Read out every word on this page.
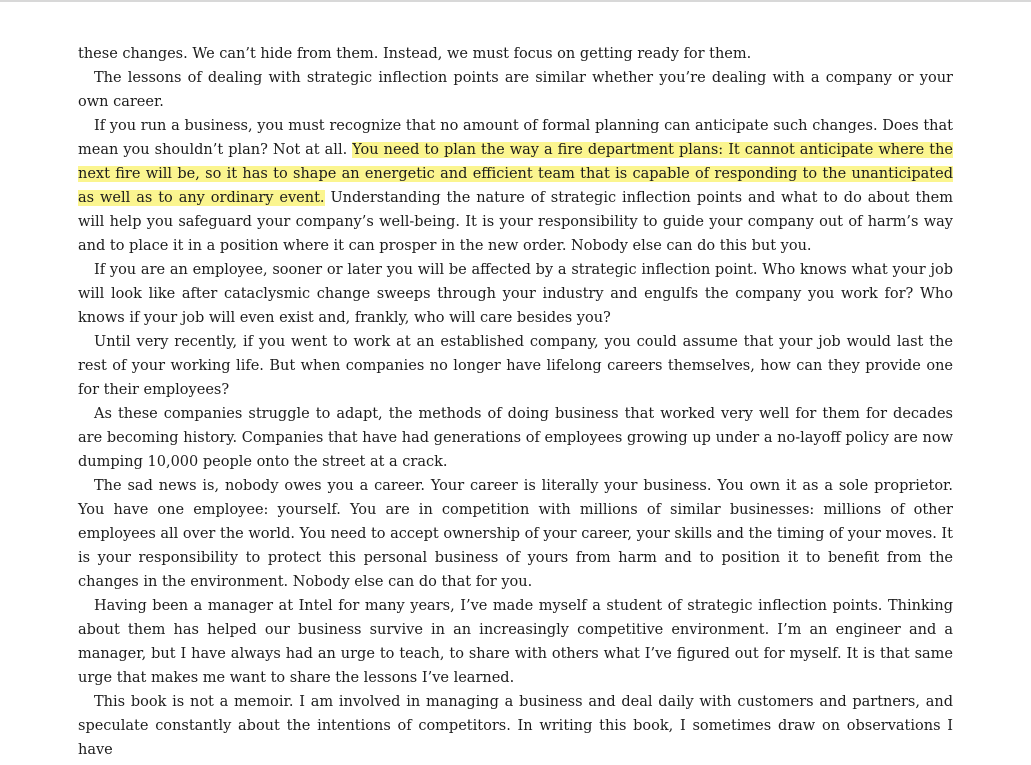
these changes. We can’t hide from them. Instead, we must focus on getting ready for them.

The lessons of dealing with strategic inflection points are similar whether you’re dealing with a company or your own career.

If you run a business, you must recognize that no amount of formal planning can anticipate such changes. Does that mean you shouldn’t plan? Not at all. You need to plan the way a fire department plans: It cannot anticipate where the next fire will be, so it has to shape an energetic and efficient team that is capable of responding to the unanticipated as well as to any ordinary event. Understanding the nature of strategic inflection points and what to do about them will help you safeguard your company’s well-being. It is your responsibility to guide your company out of harm’s way and to place it in a position where it can prosper in the new order. Nobody else can do this but you.

If you are an employee, sooner or later you will be affected by a strategic inflection point. Who knows what your job will look like after cataclysmic change sweeps through your industry and engulfs the company you work for? Who knows if your job will even exist and, frankly, who will care besides you?

Until very recently, if you went to work at an established company, you could assume that your job would last the rest of your working life. But when companies no longer have lifelong careers themselves, how can they provide one for their employees?

As these companies struggle to adapt, the methods of doing business that worked very well for them for decades are becoming history. Companies that have had generations of employees growing up under a no-layoff policy are now dumping 10,000 people onto the street at a crack.

The sad news is, nobody owes you a career. Your career is literally your business. You own it as a sole proprietor. You have one employee: yourself. You are in competition with millions of similar businesses: millions of other employees all over the world. You need to accept ownership of your career, your skills and the timing of your moves. It is your responsibility to protect this personal business of yours from harm and to position it to benefit from the changes in the environment. Nobody else can do that for you.

Having been a manager at Intel for many years, I’ve made myself a student of strategic inflection points. Thinking about them has helped our business survive in an increasingly competitive environment. I’m an engineer and a manager, but I have always had an urge to teach, to share with others what I’ve figured out for myself. It is that same urge that makes me want to share the lessons I’ve learned.

This book is not a memoir. I am involved in managing a business and deal daily with customers and partners, and speculate constantly about the intentions of competitors. In writing this book, I sometimes draw on observations I have
